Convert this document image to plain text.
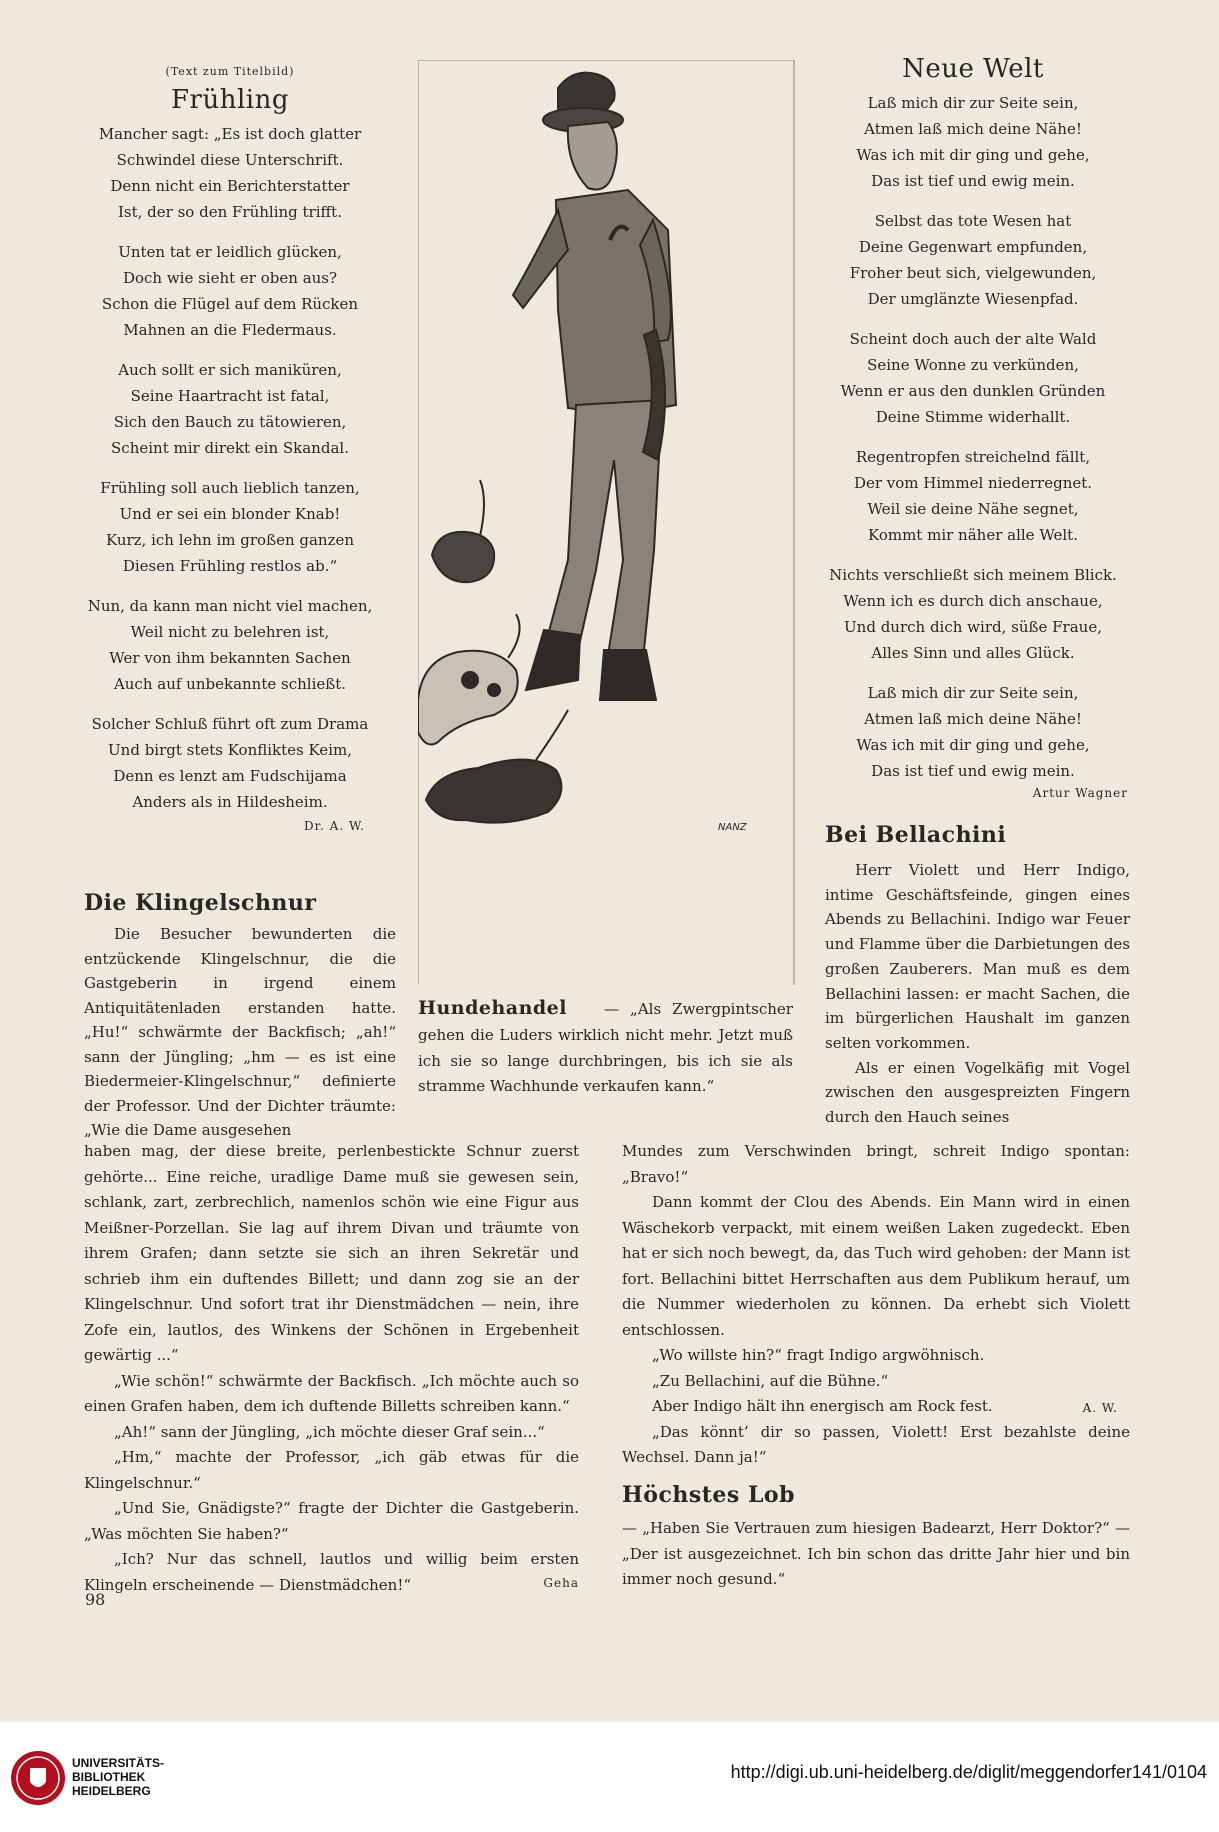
(Text zum Titelbild)
Frühling
Mancher sagt: „Es ist doch glatter
Schwindel diese Unterschrift.
Denn nicht ein Berichterstatter
Ist, der so den Frühling trifft.
Unten tat er leidlich glücken,
Doch wie sieht er oben aus?
Schon die Flügel auf dem Rücken
Mahnen an die Fledermaus.
Auch sollt er sich maniküren,
Seine Haartracht ist fatal,
Sich den Bauch zu tätowieren,
Scheint mir direkt ein Skandal.
Frühling soll auch lieblich tanzen,
Und er sei ein blonder Knab!
Kurz, ich lehn im großen ganzen
Diesen Frühling restlos ab.“
Nun, da kann man nicht viel machen,
Weil nicht zu belehren ist,
Wer von ihm bekannten Sachen
Auch auf unbekannte schließt.
Solcher Schluß führt oft zum Drama
Und birgt stets Konfliktes Keim,
Denn es lenzt am Fudschijama
Anders als in Hildesheim.
Dr. A. W.
Die Klingelschnur
Die Besucher bewunderten die entzückende Klingelschnur, die die Gastgeberin in irgend einem Antiquitätenladen erstanden hatte. „Hu!“ schwärmte der Backfisch; „ah!“ sann der Jüngling; „hm — es ist eine Biedermeier-Klingelschnur,“ definierte der Professor. Und der Dichter träumte: „Wie die Dame ausgesehen

haben mag, der diese breite, perlenbestickte Schnur zuerst gehörte... Eine reiche, uradlige Dame muß sie gewesen sein, schlank, zart, zerbrechlich, namenlos schön wie eine Figur aus Meißner-Porzellan. Sie lag auf ihrem Divan und träumte von ihrem Grafen; dann setzte sie sich an ihren Sekretär und schrieb ihm ein duftendes Billett; und dann zog sie an der Klingelschnur. Und sofort trat ihr Dienstmädchen — nein, ihre Zofe ein, lautlos, des Winkens der Schönen in Ergebenheit gewärtig ...“

„Wie schön!“ schwärmte der Backfisch. „Ich möchte auch so einen Grafen haben, dem ich duftende Billetts schreiben kann.“

„Ah!“ sann der Jüngling, „ich möchte dieser Graf sein...“

„Hm,“ machte der Professor, „ich gäb etwas für die Klingelschnur.“

„Und Sie, Gnädigste?“ fragte der Dichter die Gastgeberin. „Was möchten Sie haben?“

„Ich? Nur das schnell, lautlos und willig beim ersten Klingeln erscheinende — Dienstmädchen!“	Geha
98
NANZ
Hundehandel — „Als Zwergpintscher gehen die Luders wirklich nicht mehr. Jetzt muß ich sie so lange durchbringen, bis ich sie als stramme Wachhunde verkaufen kann.“
Neue Welt
Laß mich dir zur Seite sein,
Atmen laß mich deine Nähe!
Was ich mit dir ging und gehe,
Das ist tief und ewig mein.
Selbst das tote Wesen hat
Deine Gegenwart empfunden,
Froher beut sich, vielgewunden,
Der umglänzte Wiesenpfad.
Scheint doch auch der alte Wald
Seine Wonne zu verkünden,
Wenn er aus den dunklen Gründen
Deine Stimme widerhallt.
Regentropfen streichelnd fällt,
Der vom Himmel niederregnet.
Weil sie deine Nähe segnet,
Kommt mir näher alle Welt.
Nichts verschließt sich meinem Blick.
Wenn ich es durch dich anschaue,
Und durch dich wird, süße Fraue,
Alles Sinn und alles Glück.
Laß mich dir zur Seite sein,
Atmen laß mich deine Nähe!
Was ich mit dir ging und gehe,
Das ist tief und ewig mein.
Artur Wagner
Bei Bellachini
Herr Violett und Herr Indigo, intime Geschäftsfeinde, gingen eines Abends zu Bellachini. Indigo war Feuer und Flamme über die Darbietungen des großen Zauberers. Man muß es dem Bellachini lassen: er macht Sachen, die im bürgerlichen Haushalt im ganzen selten vorkommen.
Als er einen Vogelkäfig mit Vogel zwischen den ausgespreizten Fingern durch den Hauch seines

Mundes zum Verschwinden bringt, schreit Indigo spontan: „Bravo!“

Dann kommt der Clou des Abends. Ein Mann wird in einen Wäschekorb verpackt, mit einem weißen Laken zugedeckt. Eben hat er sich noch bewegt, da, das Tuch wird gehoben: der Mann ist fort. Bellachini bittet Herrschaften aus dem Publikum herauf, um die Nummer wiederholen zu können. Da erhebt sich Violett entschlossen.

„Wo willste hin?“ fragt Indigo argwöhnisch.

„Zu Bellachini, auf die Bühne.“

Aber Indigo hält ihn energisch am Rock fest.

„Das könnt’ dir so passen, Violett! Erst bezahlste deine Wechsel. Dann ja!“

A. W.
Höchstes Lob
— „Haben Sie Vertrauen zum hiesigen Badearzt, Herr Doktor?“ — „Der ist ausgezeichnet. Ich bin schon das dritte Jahr hier und bin immer noch gesund.“
UNIVERSITÄTS-
BIBLIOTHEK
HEIDELBERG
http://digi.ub.uni-heidelberg.de/diglit/meggendorfer141/0104
